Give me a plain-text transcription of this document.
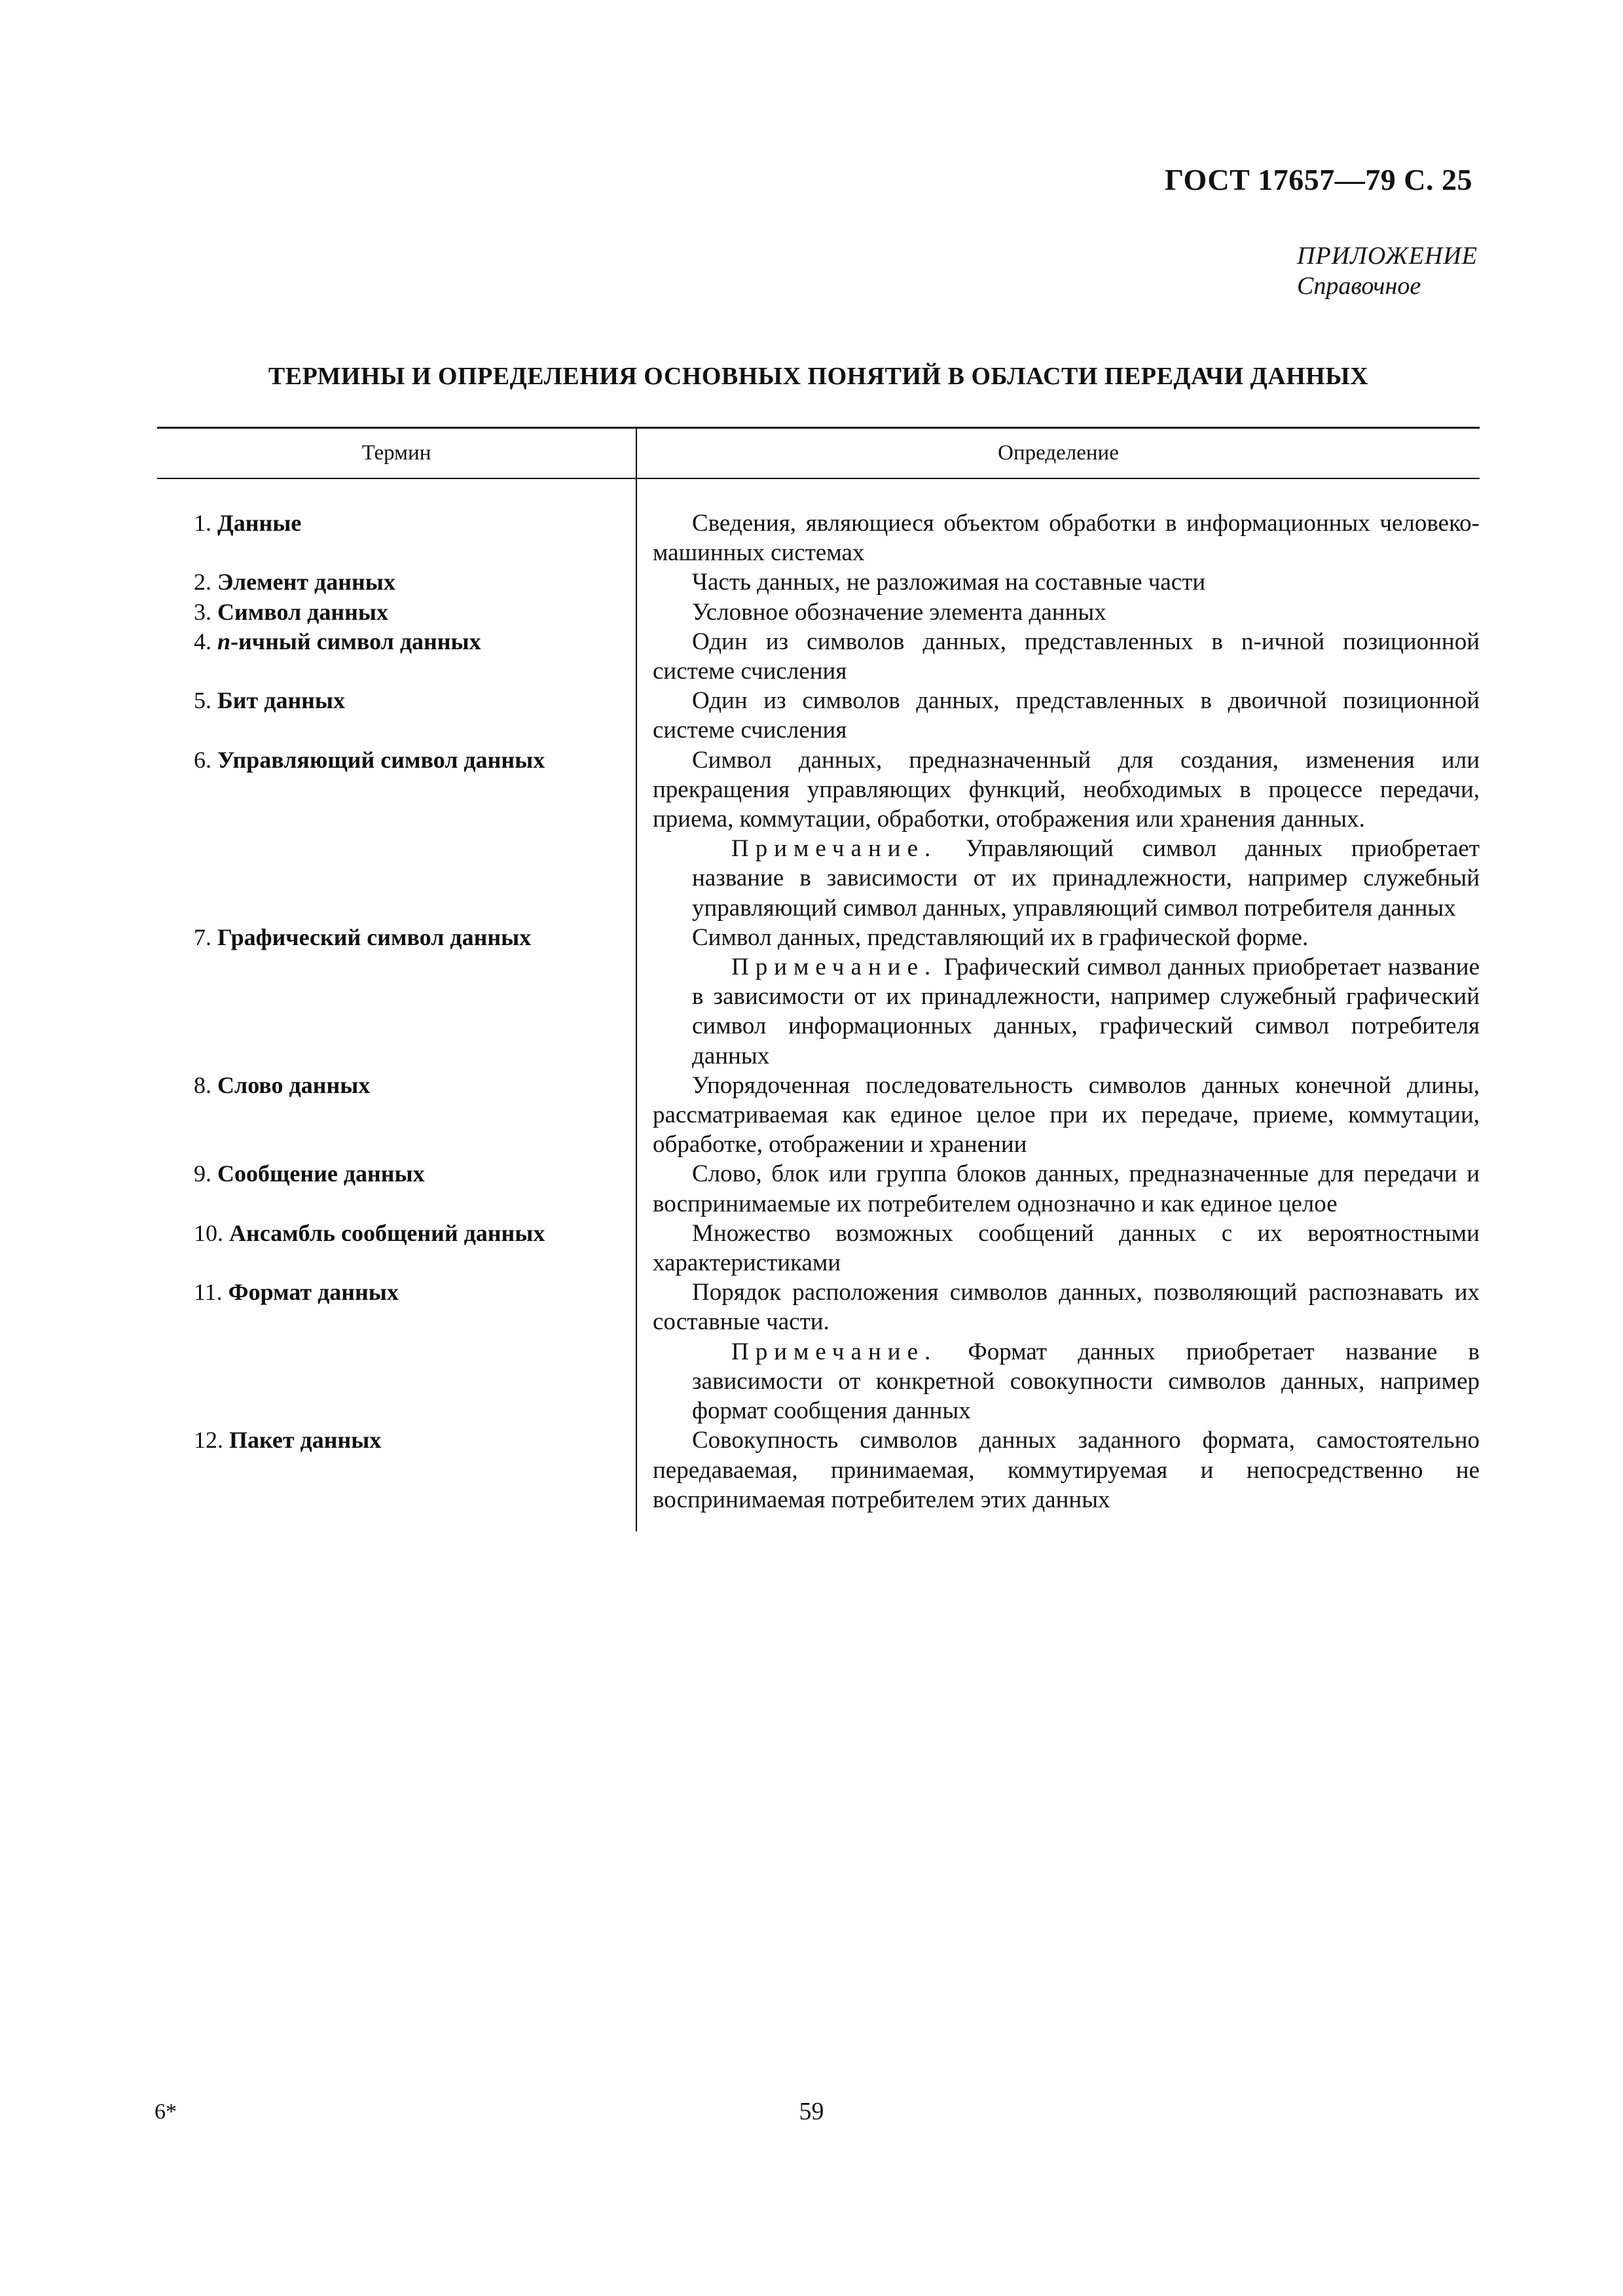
ГОСТ 17657—79 С. 25
ПРИЛОЖЕНИЕ
Справочное
ТЕРМИНЫ И ОПРЕДЕЛЕНИЯ ОСНОВНЫХ ПОНЯТИЙ В ОБЛАСТИ ПЕРЕДАЧИ ДАННЫХ
Термин	Определение
1. Данные	Сведения, являющиеся объектом обработки в информационных человеко-машинных системах

2. Элемент данных	Часть данных, не разложимая на составные части

3. Символ данных	Условное обозначение элемента данных

4. n-ичный символ данных	Один из символов данных, представленных в n-ичной позиционной системе счисления

5. Бит данных	Один из символов данных, представленных в двоичной позиционной системе счисления

6. Управляющий символ данных	Символ данных, предназначенный для создания, изменения или прекращения управляющих функций, необходимых в процессе передачи, приема, коммутации, обработки, отображения или хранения данных.
Примечание. Управляющий символ данных приобретает название в зависимости от их принадлежности, например служебный управляющий символ данных, управляющий символ потребителя данных

7. Графический символ данных	Символ данных, представляющий их в графической форме.
Примечание. Графический символ данных приобретает название в зависимости от их принадлежности, например служебный графический символ информационных данных, графический символ потребителя данных

8. Слово данных	Упорядоченная последовательность символов данных конечной длины, рассматриваемая как единое целое при их передаче, приеме, коммутации, обработке, отображении и хранении

9. Сообщение данных	Слово, блок или группа блоков данных, предназначенные для передачи и воспринимаемые их потребителем однозначно и как единое целое

10. Ансамбль сообщений данных	Множество возможных сообщений данных с их вероятностными характеристиками

11. Формат данных	Порядок расположения символов данных, позволяющий распознавать их составные части.
Примечание. Формат данных приобретает название в зависимости от конкретной совокупности символов данных, например формат сообщения данных

12. Пакет данных	Совокупность символов данных заданного формата, самостоятельно передаваемая, принимаемая, коммутируемая и непосредственно не воспринимаемая потребителем этих данных
6*	59
